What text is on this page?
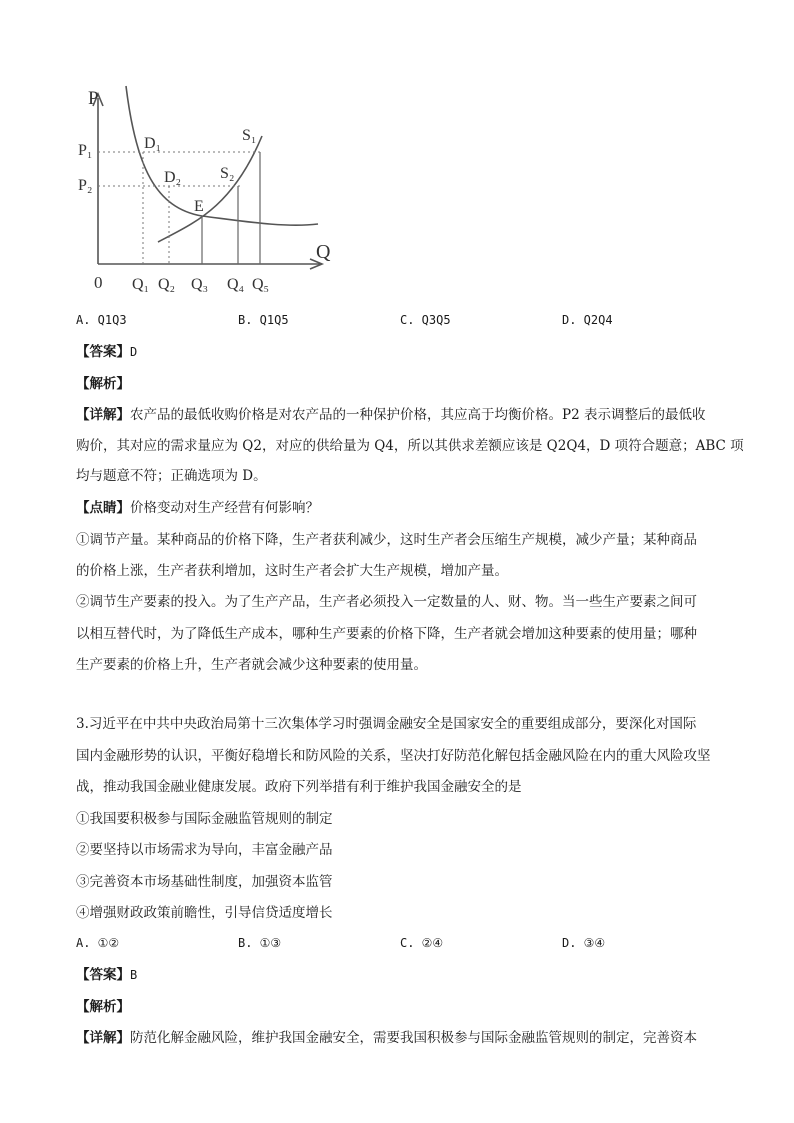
P
Q
0
P₁
P₂
Q₁ Q₂ Q₃ Q₄ Q₅
D₁
D₂
S₁
S₂
E
A. Q1Q3	B. Q1Q5	C. Q3Q5	D. Q2Q4
【答案】D
【解析】
【详解】农产品的最低收购价格是对农产品的一种保护价格，其应高于均衡价格。P2 表示调整后的最低收
购价，其对应的需求量应为 Q2，对应的供给量为 Q4，所以其供求差额应该是 Q2Q4，D 项符合题意；ABC 项
均与题意不符；正确选项为 D。
【点睛】价格变动对生产经营有何影响？
①调节产量。某种商品的价格下降，生产者获利减少，这时生产者会压缩生产规模，减少产量；某种商品
的价格上涨，生产者获利增加，这时生产者会扩大生产规模，增加产量。
②调节生产要素的投入。为了生产产品，生产者必须投入一定数量的人、财、物。当一些生产要素之间可
以相互替代时，为了降低生产成本，哪种生产要素的价格下降，生产者就会增加这种要素的使用量；哪种
生产要素的价格上升，生产者就会减少这种要素的使用量。
3.习近平在中共中央政治局第十三次集体学习时强调金融安全是国家安全的重要组成部分，要深化对国际
国内金融形势的认识，平衡好稳增长和防风险的关系，坚决打好防范化解包括金融风险在内的重大风险攻坚
战，推动我国金融业健康发展。政府下列举措有利于维护我国金融安全的是
①我国要积极参与国际金融监管规则的制定
②要坚持以市场需求为导向，丰富金融产品
③完善资本市场基础性制度，加强资本监管
④增强财政政策前瞻性，引导信贷适度增长
A. ①②	B. ①③	C. ②④	D. ③④
【答案】B
【解析】
【详解】防范化解金融风险，维护我国金融安全，需要我国积极参与国际金融监管规则的制定，完善资本
